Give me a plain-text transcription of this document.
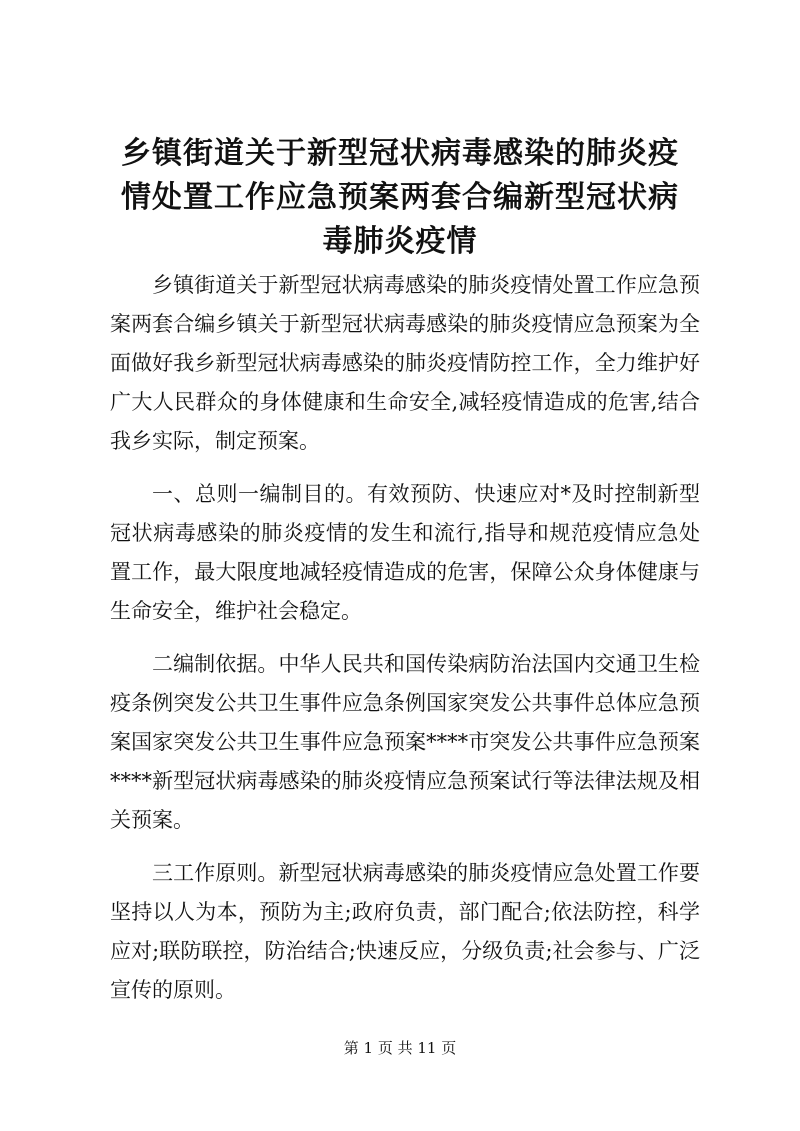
乡镇街道关于新型冠状病毒感染的肺炎疫情处置工作应急预案两套合编新型冠状病毒肺炎疫情

乡镇街道关于新型冠状病毒感染的肺炎疫情处置工作应急预案两套合编乡镇关于新型冠状病毒感染的肺炎疫情应急预案为全面做好我乡新型冠状病毒感染的肺炎疫情防控工作，全力维护好广大人民群众的身体健康和生命安全,减轻疫情造成的危害,结合我乡实际，制定预案。

一、总则一编制目的。有效预防、快速应对*及时控制新型冠状病毒感染的肺炎疫情的发生和流行,指导和规范疫情应急处置工作，最大限度地减轻疫情造成的危害，保障公众身体健康与生命安全，维护社会稳定。

二编制依据。中华人民共和国传染病防治法国内交通卫生检疫条例突发公共卫生事件应急条例国家突发公共事件总体应急预案国家突发公共卫生事件应急预案****市突发公共事件应急预案****新型冠状病毒感染的肺炎疫情应急预案试行等法律法规及相关预案。

三工作原则。新型冠状病毒感染的肺炎疫情应急处置工作要坚持以人为本，预防为主;政府负责，部门配合;依法防控，科学应对;联防联控，防治结合;快速反应，分级负责;社会参与、广泛宣传的原则。

第 1 页 共 11 页
